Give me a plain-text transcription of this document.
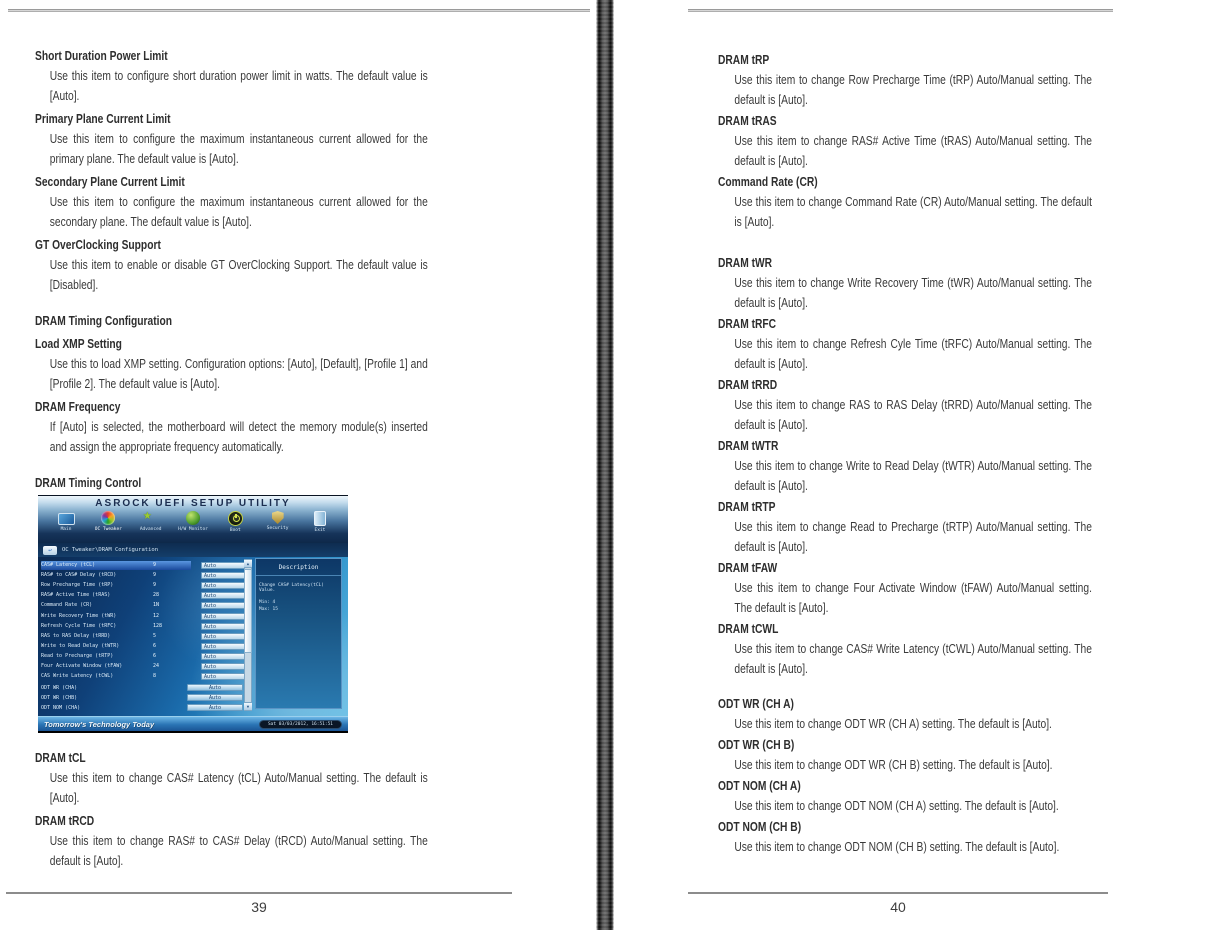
Short Duration Power Limit

Use this item to configure short duration power limit in watts. The default value is [Auto].

Primary Plane Current Limit

Use this item to configure the maximum instantaneous current allowed for the primary plane. The default value is [Auto].

Secondary Plane Current Limit

Use this item to configure the maximum instantaneous current allowed for the secondary plane. The default value is [Auto].

GT OverClocking Support

Use this item to enable or disable GT OverClocking Support. The default value is [Disabled].

DRAM Timing Configuration
Load XMP Setting

Use this to load XMP setting. Configuration options: [Auto], [Default], [Profile 1] and [Profile 2]. The default value is [Auto].

DRAM Frequency

If [Auto] is selected, the motherboard will detect the memory module(s) inserted and assign the appropriate frequency automatically.

DRAM Timing Control
ASROCK UEFI SETUP UTILITY
Main	OC Tweaker
★	Advanced	H/W Monitor	Boot	Security	Exit
↩	OC Tweaker\DRAM Configuration
CAS# Latency (tCL)	9	Auto
RAS# to CAS# Delay (tRCD)	9	Auto
Row Precharge Time (tRP)	9	Auto
RAS# Active Time (tRAS)	28	Auto
Command Rate (CR)	1N	Auto
Write Recovery Time (tWR)	12	Auto
Refresh Cycle Time (tRFC)	128	Auto
RAS to RAS Delay (tRRD)	5	Auto
Write to Read Delay (tWTR)	6	Auto
Read to Precharge (tRTP)	6	Auto
Four Activate Window (tFAW)	24	Auto
CAS Write Latency (tCWL)	8	Auto
ODT WR (CHA)	Auto
ODT WR (CHB)	Auto
ODT NOM (CHA)	Auto
▲
▼
Description
Change CAS# Latency(tCL) Value.
Min: 4
Max: 15
Tomorrow's Technology Today	Sat 03/03/2012, 16:51:51
DRAM tCL

Use this item to change CAS# Latency (tCL) Auto/Manual setting. The default is [Auto].

DRAM tRCD

Use this item to change RAS# to CAS# Delay (tRCD) Auto/Manual setting. The default is [Auto].

39
DRAM tRP

Use this item to change Row Precharge Time (tRP) Auto/Manual setting. The default is [Auto].

DRAM tRAS

Use this item to change RAS# Active Time (tRAS) Auto/Manual setting. The default is [Auto].

Command Rate (CR)

Use this item to change Command Rate (CR) Auto/Manual setting. The default is [Auto].

DRAM tWR

Use this item to change Write Recovery Time (tWR) Auto/Manual setting. The default is [Auto].

DRAM tRFC

Use this item to change Refresh Cyle Time (tRFC) Auto/Manual setting. The default is [Auto].

DRAM tRRD

Use this item to change RAS to RAS Delay (tRRD) Auto/Manual setting. The default is [Auto].

DRAM tWTR

Use this item to change Write to Read Delay (tWTR) Auto/Manual setting. The default is [Auto].

DRAM tRTP

Use this item to change Read to Precharge (tRTP) Auto/Manual setting. The default is [Auto].

DRAM tFAW

Use this item to change Four Activate Window (tFAW) Auto/Manual setting. The default is [Auto].

DRAM tCWL

Use this item to change CAS# Write Latency (tCWL) Auto/Manual setting. The default is [Auto].

ODT WR (CH A)

Use this item to change ODT WR (CH A) setting. The default is [Auto].

ODT WR (CH B)

Use this item to change ODT WR (CH B) setting. The default is [Auto].

ODT NOM (CH A)

Use this item to change ODT NOM (CH A) setting. The default is [Auto].

ODT NOM (CH B)

Use this item to change ODT NOM (CH B) setting. The default is [Auto].

40
